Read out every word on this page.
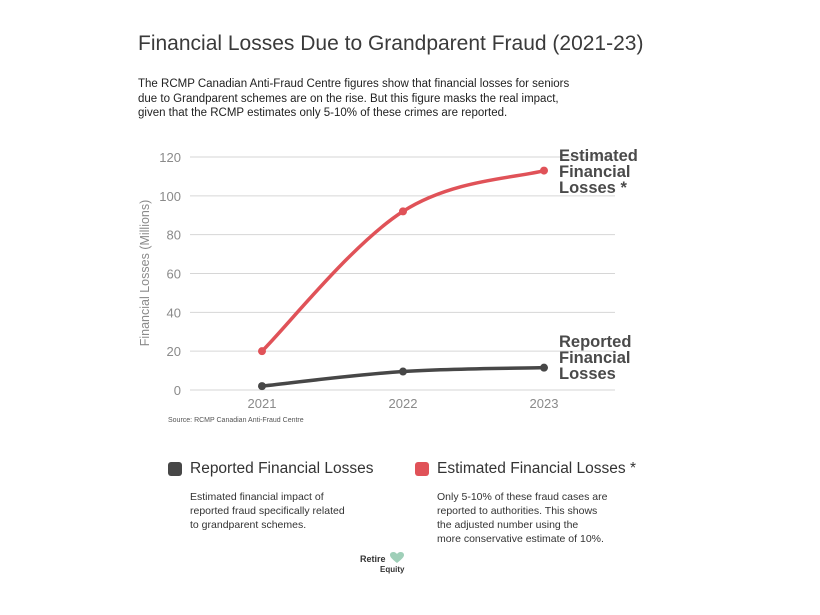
Financial Losses Due to Grandparent Fraud (2021-23)
The RCMP Canadian Anti-Fraud Centre figures show that financial losses for seniors
due to Grandparent schemes are on the rise. But this figure masks the real impact,
given that the RCMP estimates only 5-10% of these crimes are reported.
0
20
40
60
80
100
120
2021	2022	2023
Financial Losses (Millions)
Estimated
Financial
Losses *
Reported
Financial
Losses
Source: RCMP Canadian Anti-Fraud Centre
Reported Financial Losses
Estimated financial impact of
reported fraud specifically related
to grandparent schemes.
Estimated Financial Losses *
Only 5-10% of these fraud cases are
reported to authorities. This shows
the adjusted number using the
more conservative estimate of 10%.
Retire
Equity
